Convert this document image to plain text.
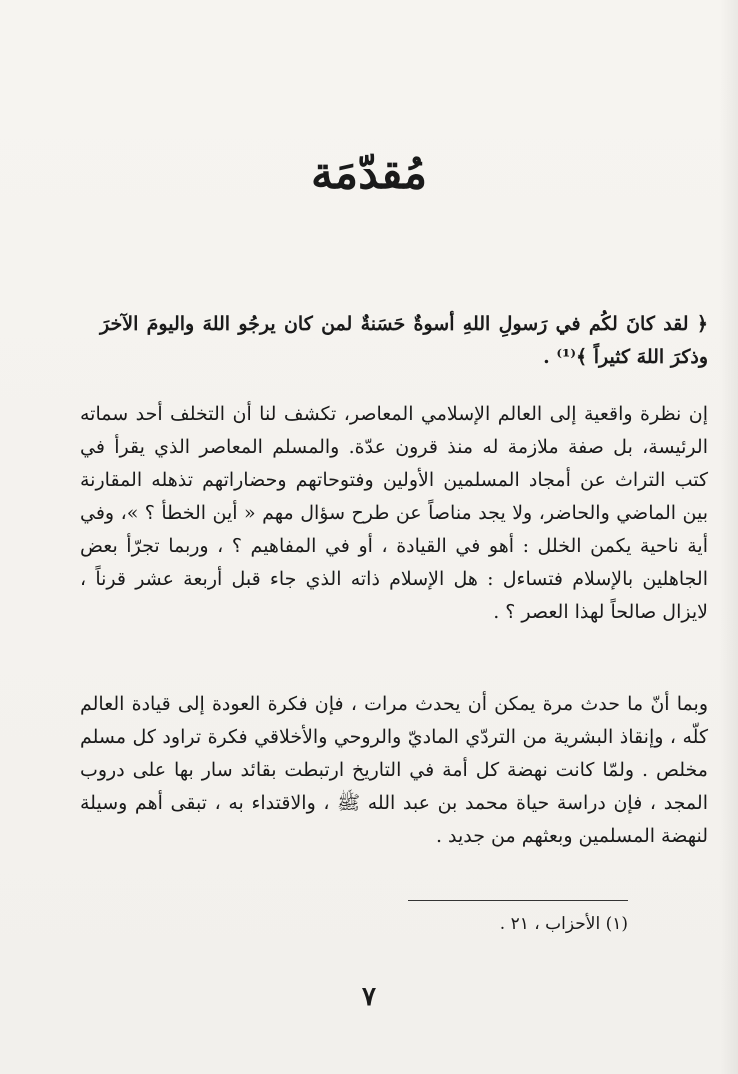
مُقدّمَة
﴿ لقد كانَ لكُم في رَسولِ اللهِ أسوةٌ حَسَنةٌ لمن كان يرجُو اللهَ واليومَ الآخرَ وذكرَ اللهَ كثيراً ﴾⁽¹⁾ .
إن نظرة واقعية إلى العالم الإسلامي المعاصر، تكشف لنا أن التخلف أحد سماته الرئيسة، بل صفة ملازمة له منذ قرون عدّة. والمسلم المعاصر الذي يقرأ في كتب التراث عن أمجاد المسلمين الأولين وفتوحاتهم وحضاراتهم تذهله المقارنة بين الماضي والحاضر، ولا يجد مناصاً عن طرح سؤال مهم « أين الخطأ ؟ »، وفي أية ناحية يكمن الخلل : أهو في القيادة ، أو في المفاهيم ؟ ، وربما تجرّأ بعض الجاهلين بالإسلام فتساءل : هل الإسلام ذاته الذي جاء قبل أربعة عشر قرناً ، لايزال صالحاً لهذا العصر ؟ .
وبما أنّ ما حدث مرة يمكن أن يحدث مرات ، فإن فكرة العودة إلى قيادة العالم كلّه ، وإنقاذ البشرية من التردّي الماديّ والروحي والأخلاقي فكرة تراود كل مسلم مخلص . ولمّا كانت نهضة كل أمة في التاريخ ارتبطت بقائد سار بها على دروب المجد ، فإن دراسة حياة محمد بن عبد الله ﷺ ، والاقتداء به ، تبقى أهم وسيلة لنهضة المسلمين وبعثهم من جديد .
(١) الأحزاب ، ٢١ .
٧
